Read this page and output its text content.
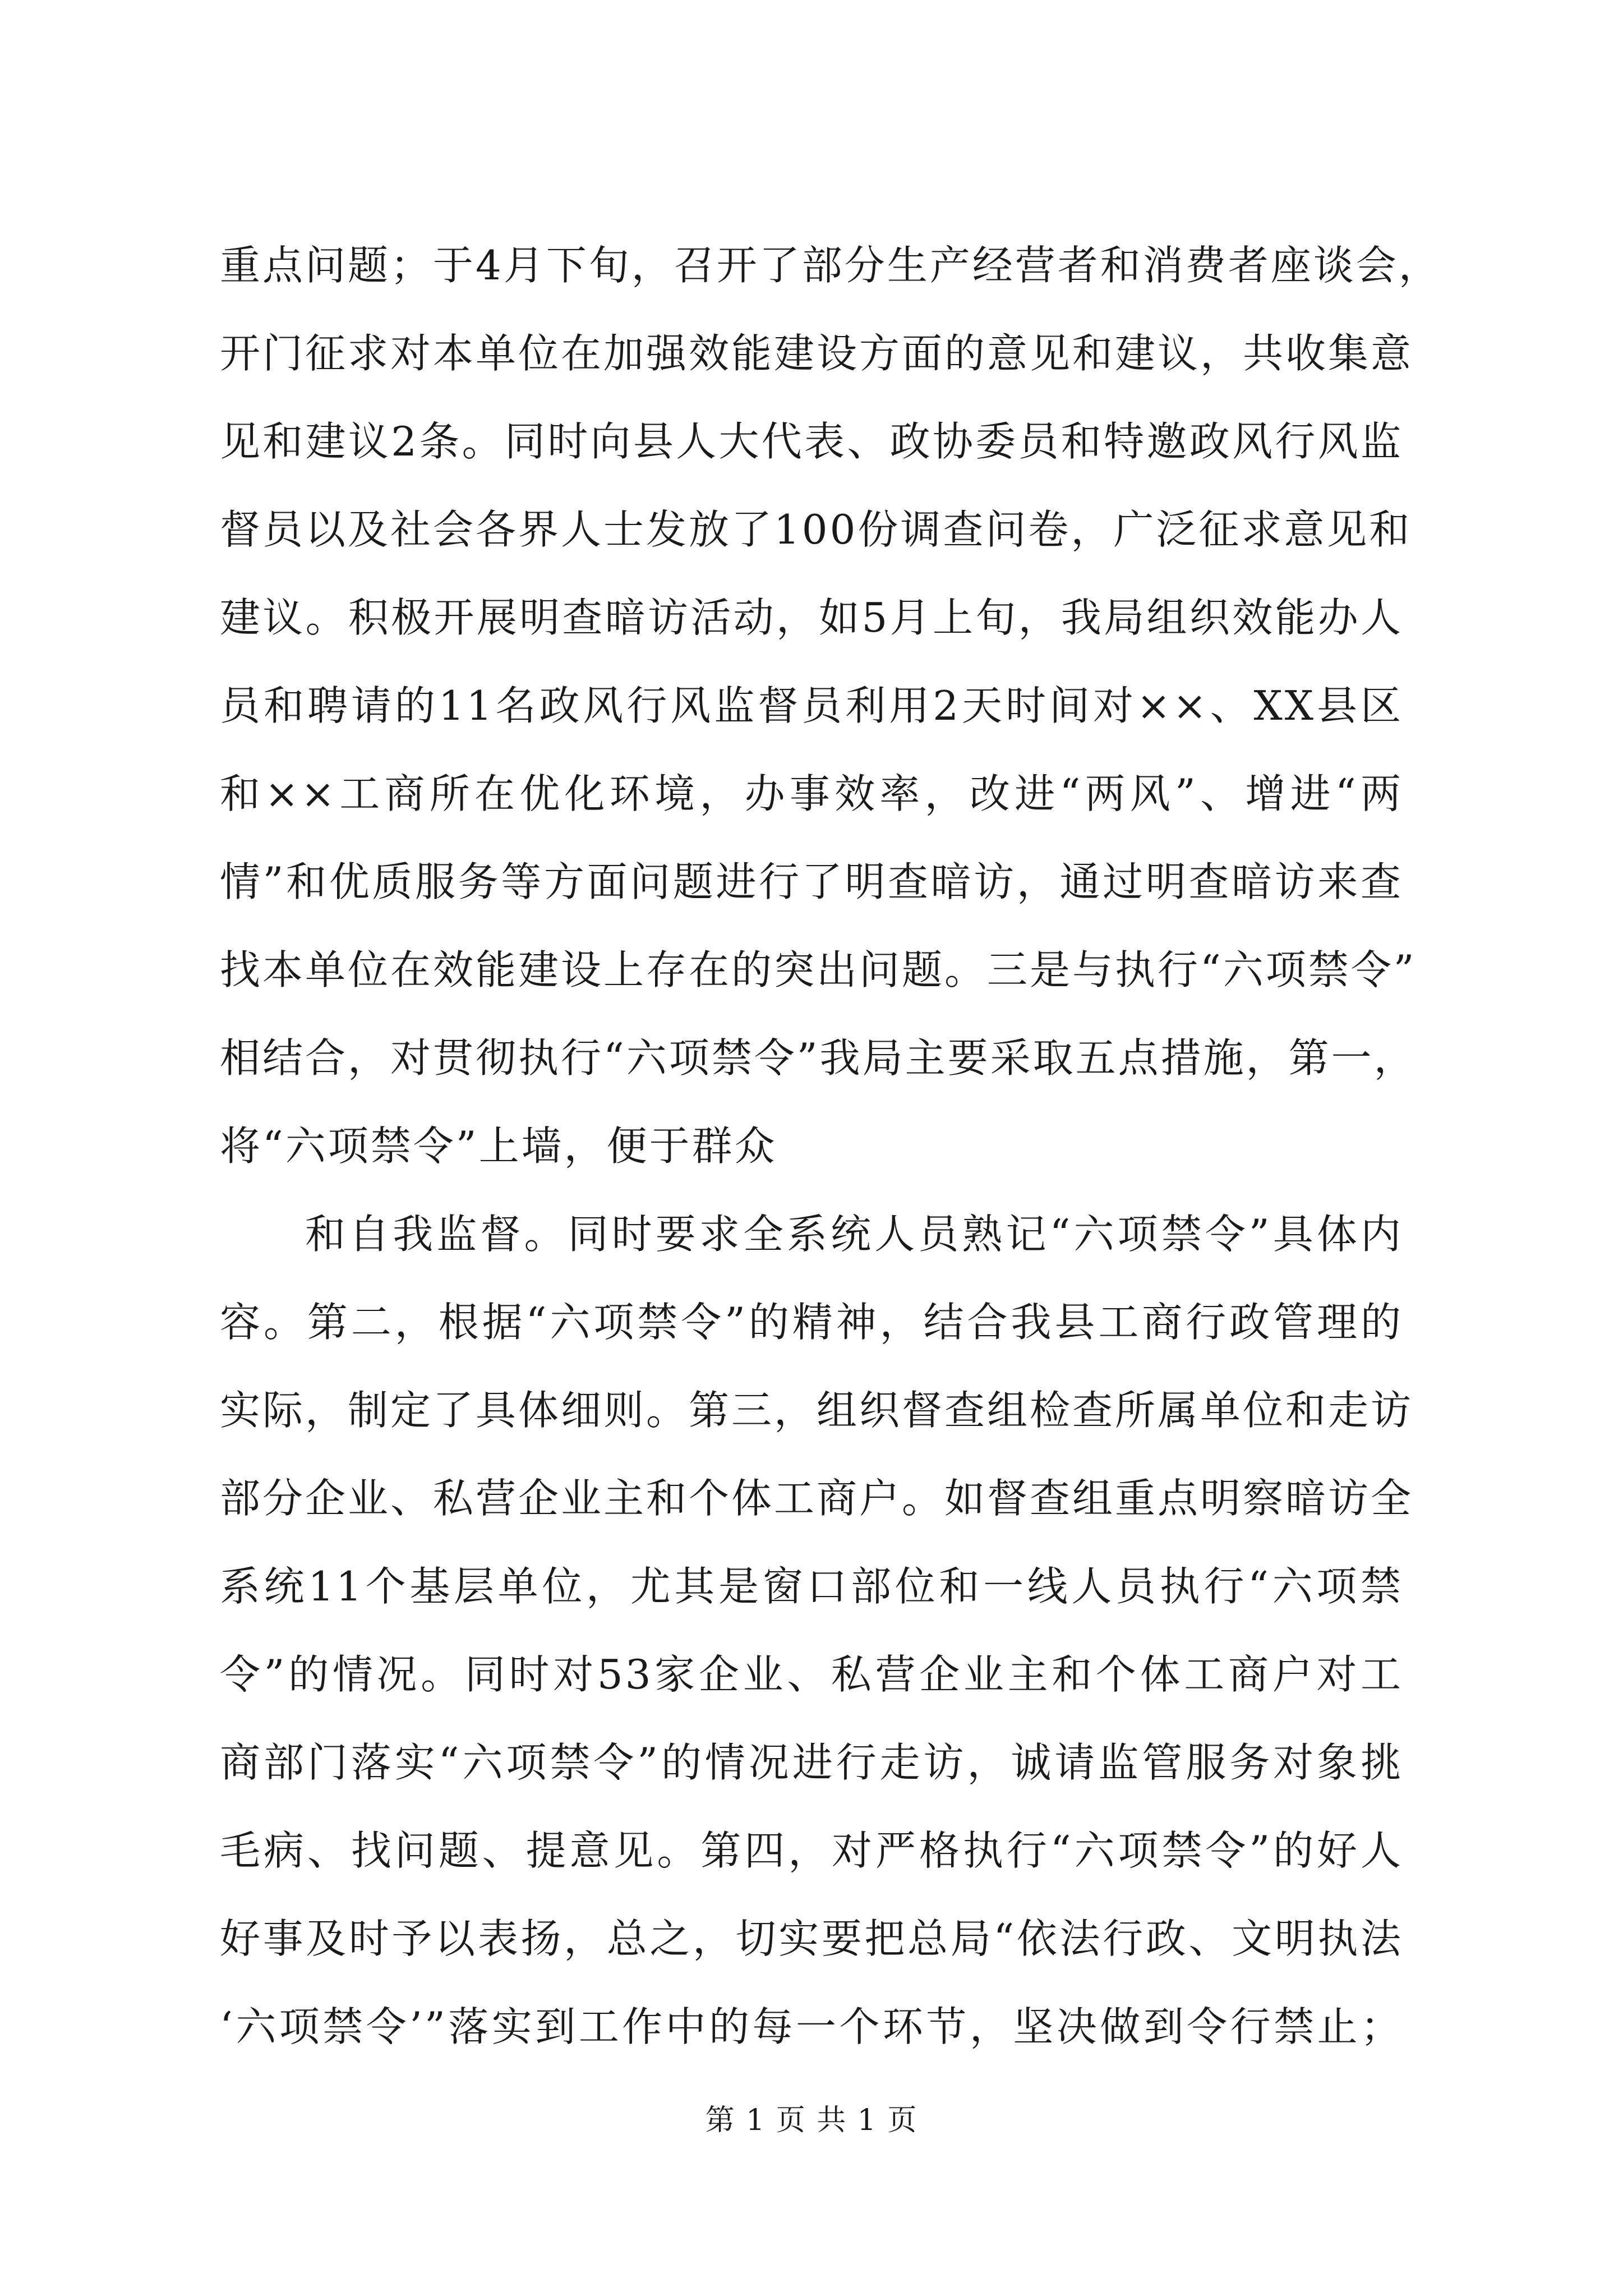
重点问题；于4月下旬，召开了部分生产经营者和消费者座谈会，
开门征求对本单位在加强效能建设方面的意见和建议，共收集意
见和建议2条。同时向县人大代表、政协委员和特邀政风行风监
督员以及社会各界人士发放了100份调查问卷，广泛征求意见和
建议。积极开展明查暗访活动，如5月上旬，我局组织效能办人
员和聘请的11名政风行风监督员利用2天时间对××、XX县区
和××工商所在优化环境，办事效率，改进“两风”、增进“两
情”和优质服务等方面问题进行了明查暗访，通过明查暗访来查
找本单位在效能建设上存在的突出问题。三是与执行“六项禁令”
相结合，对贯彻执行“六项禁令”我局主要采取五点措施，第一，
将“六项禁令”上墙，便于群众
和自我监督。同时要求全系统人员熟记“六项禁令”具体内
容。第二，根据“六项禁令”的精神，结合我县工商行政管理的
实际，制定了具体细则。第三，组织督查组检查所属单位和走访
部分企业、私营企业主和个体工商户。如督查组重点明察暗访全
系统11个基层单位，尤其是窗口部位和一线人员执行“六项禁
令”的情况。同时对53家企业、私营企业主和个体工商户对工
商部门落实“六项禁令”的情况进行走访，诚请监管服务对象挑
毛病、找问题、提意见。第四，对严格执行“六项禁令”的好人
好事及时予以表扬，总之，切实要把总局“依法行政、文明执法
‘六项禁令’”落实到工作中的每一个环节，坚决做到令行禁止；
第 1 页 共 1 页
